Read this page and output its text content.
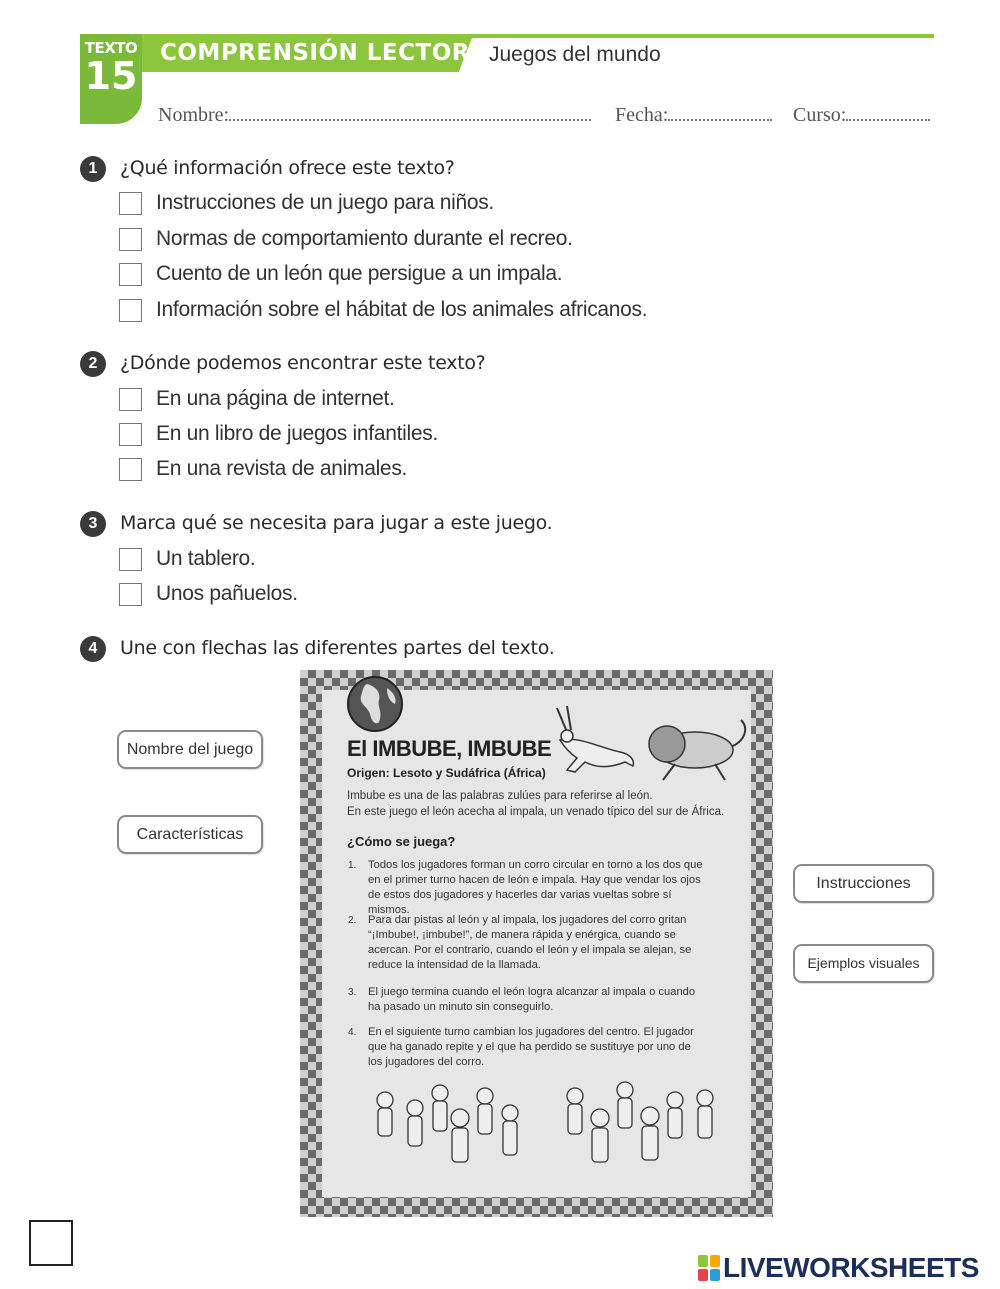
TEXTO
15
COMPRENSIÓN LECTORA Juegos del mundo
Nombre:	Fecha:	Curso:
1	¿Qué información ofrece este texto?
Instrucciones de un juego para niños.
Normas de comportamiento durante el recreo.
Cuento de un león que persigue a un impala.
Información sobre el hábitat de los animales africanos.
2	¿Dónde podemos encontrar este texto?
En una página de internet.
En un libro de juegos infantiles.
En una revista de animales.
3	Marca qué se necesita para jugar a este juego.
Un tablero.
Unos pañuelos.
4	Une con flechas las diferentes partes del texto.
Nombre del juego
Características
Instrucciones
Ejemplos visuales
El IMBUBE, IMBUBE
Origen: Lesoto y Sudáfrica (África)
Imbube es una de las palabras zulúes para referirse al león.
En este juego el león acecha al impala, un venado típico del sur de África.
¿Cómo se juega?
1. Todos los jugadores forman un corro circular en torno a los dos que en el primer turno hacen de león e impala. Hay que vendar los ojos de estos dos jugadores y hacerles dar varias vueltas sobre sí mismos.
2. Para dar pistas al león y al impala, los jugadores del corro gritan “¡Imbube!, ¡imbube!”, de manera rápida y enérgica, cuando se acercan. Por el contrario, cuando el león y el impala se alejan, se reduce la intensidad de la llamada.
3. El juego termina cuando el león logra alcanzar al impala o cuando ha pasado un minuto sin conseguirlo.
4. En el siguiente turno cambian los jugadores del centro. El jugador que ha ganado repite y el que ha perdido se sustituye por uno de los jugadores del corro.
LIVEWORKSHEETS
